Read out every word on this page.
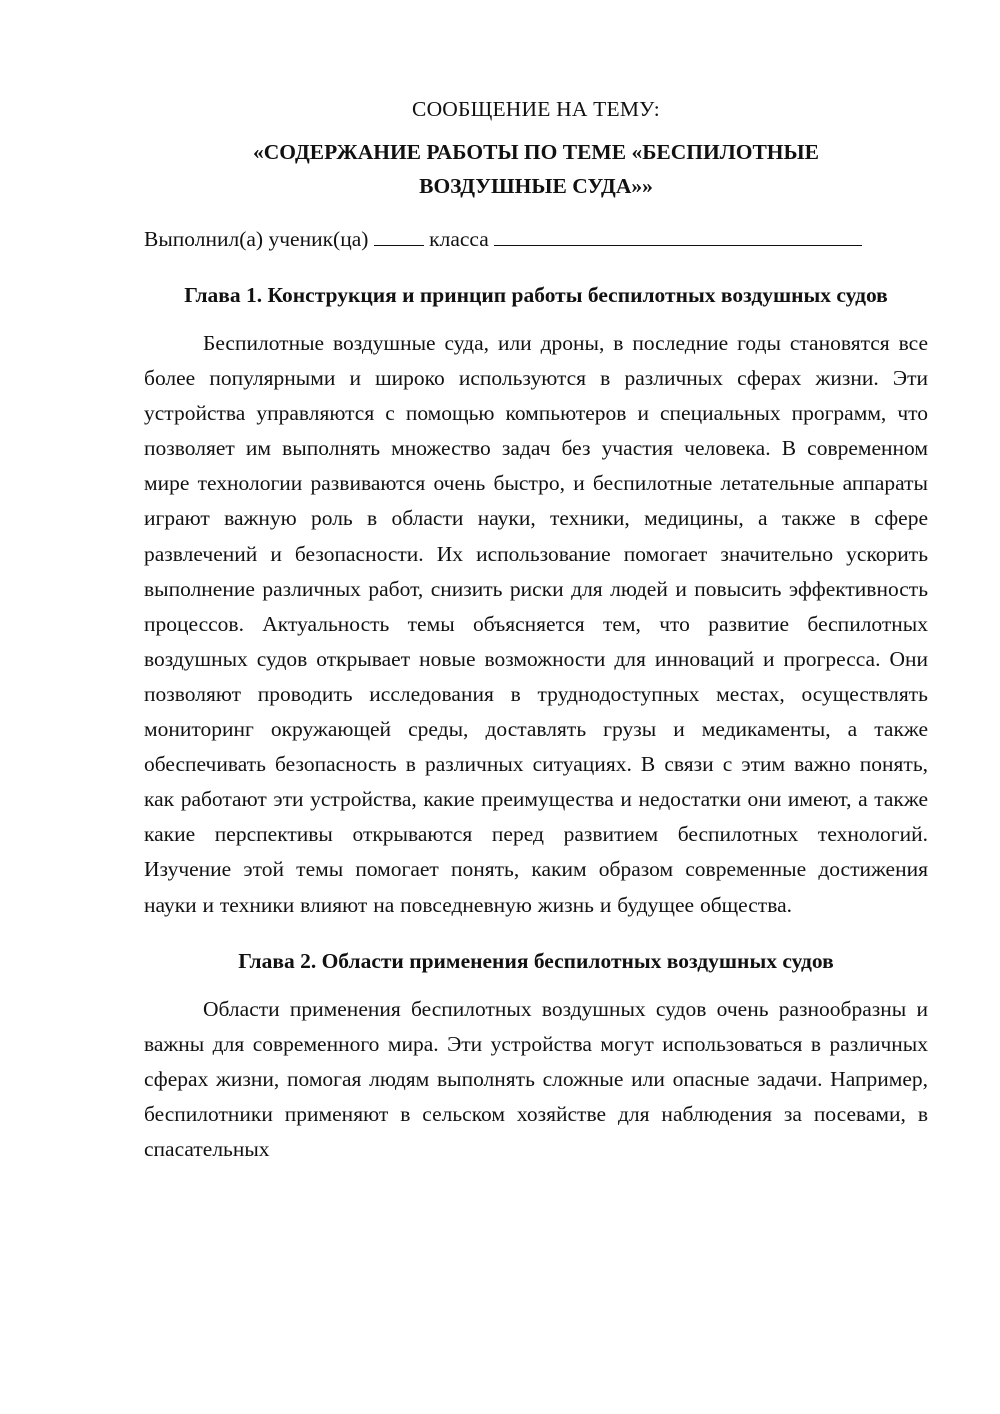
СООБЩЕНИЕ НА ТЕМУ:

«СОДЕРЖАНИЕ РАБОТЫ ПО ТЕМЕ «БЕСПИЛОТНЫЕ ВОЗДУШНЫЕ СУДА»»

Выполнил(а) ученик(ца)	класса

Глава 1. Конструкция и принцип работы беспилотных воздушных судов

Беспилотные воздушные суда, или дроны, в последние годы становятся все более популярными и широко используются в различных сферах жизни. Эти устройства управляются с помощью компьютеров и специальных программ, что позволяет им выполнять множество задач без участия человека. В современном мире технологии развиваются очень быстро, и беспилотные летательные аппараты играют важную роль в области науки, техники, медицины, а также в сфере развлечений и безопасности. Их использование помогает значительно ускорить выполнение различных работ, снизить риски для людей и повысить эффективность процессов. Актуальность темы объясняется тем, что развитие беспилотных воздушных судов открывает новые возможности для инноваций и прогресса. Они позволяют проводить исследования в труднодоступных местах, осуществлять мониторинг окружающей среды, доставлять грузы и медикаменты, а также обеспечивать безопасность в различных ситуациях. В связи с этим важно понять, как работают эти устройства, какие преимущества и недостатки они имеют, а также какие перспективы открываются перед развитием беспилотных технологий. Изучение этой темы помогает понять, каким образом современные достижения науки и техники влияют на повседневную жизнь и будущее общества.

Глава 2. Области применения беспилотных воздушных судов

Области применения беспилотных воздушных судов очень разнообразны и важны для современного мира. Эти устройства могут использоваться в различных сферах жизни, помогая людям выполнять сложные или опасные задачи. Например, беспилотники применяют в сельском хозяйстве для наблюдения за посевами, в спасательных
